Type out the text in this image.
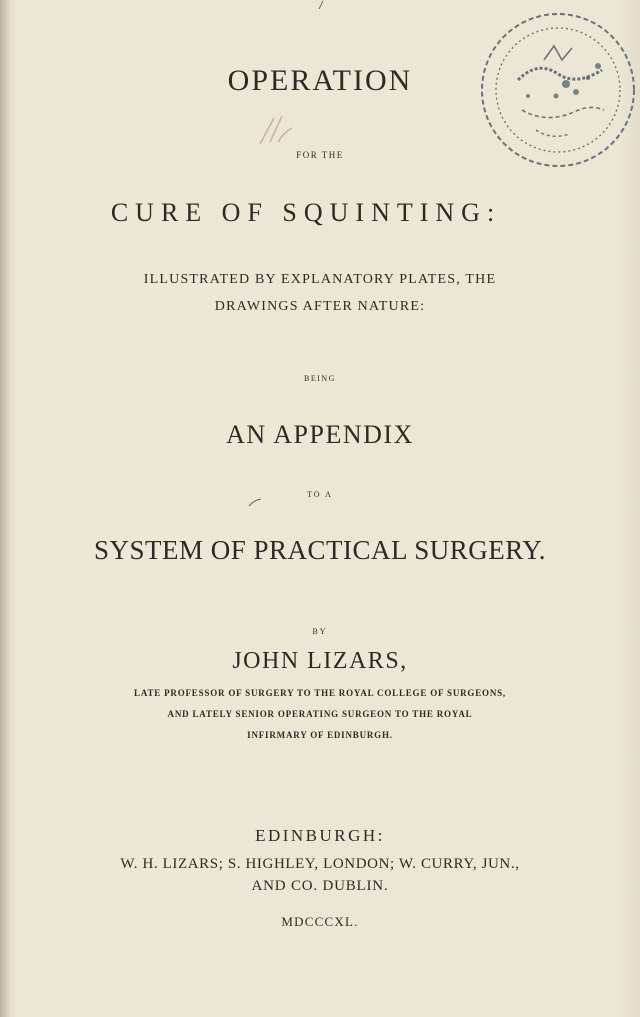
OPERATION
FOR THE
CURE OF SQUINTING:
ILLUSTRATED BY EXPLANATORY PLATES, THE
DRAWINGS AFTER NATURE:
BEING
AN APPENDIX
TO A
SYSTEM OF PRACTICAL SURGERY.
BY
JOHN LIZARS,
LATE PROFESSOR OF SURGERY TO THE ROYAL COLLEGE OF SURGEONS,
AND LATELY SENIOR OPERATING SURGEON TO THE ROYAL
INFIRMARY OF EDINBURGH.
EDINBURGH:
W. H. LIZARS; S. HIGHLEY, LONDON; W. CURRY, JUN.,
AND CO. DUBLIN.
MDCCCXL.
